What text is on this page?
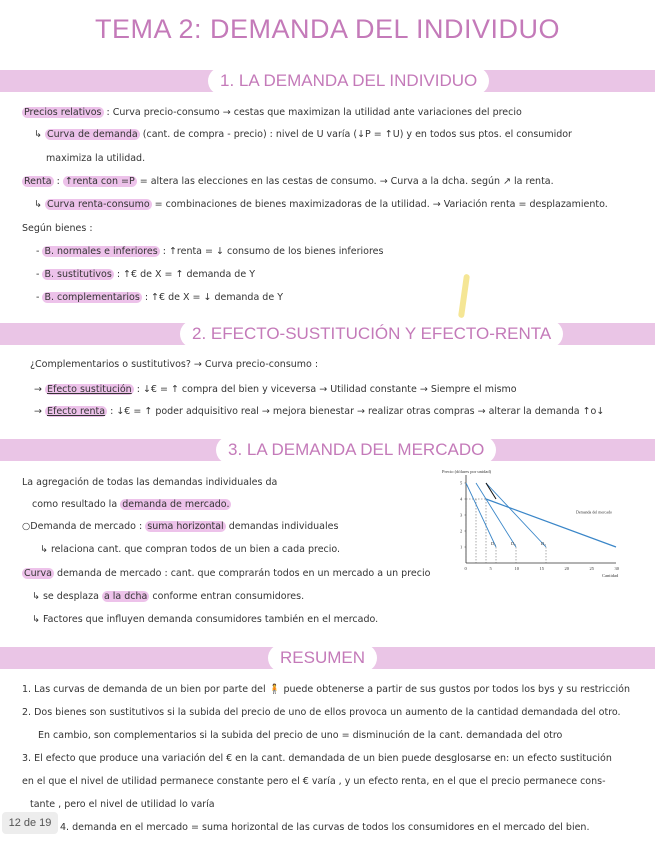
TEMA 2: DEMANDA DEL INDIVIDUO
1. LA DEMANDA DEL INDIVIDUO
Precios relativos : Curva precio-consumo → cestas que maximizan la utilidad ante variaciones del precio
↳ Curva de demanda (cant. de compra - precio) : nivel de U varía (↓P = ↑U) y en todos sus ptos. el consumidor
maximiza la utilidad.
Renta : ↑renta con =P = altera las elecciones en las cestas de consumo. → Curva a la dcha. según ↗ la renta.
↳ Curva renta-consumo = combinaciones de bienes maximizadoras de la utilidad. → Variación renta = desplazamiento.
Según bienes :
- B. normales e inferiores : ↑renta = ↓ consumo de los bienes inferiores
- B. sustitutivos : ↑€ de X = ↑ demanda de Y
- B. complementarios : ↑€ de X = ↓ demanda de Y
2. EFECTO-SUSTITUCIÓN Y EFECTO-RENTA
¿Complementarios o sustitutivos? → Curva precio-consumo :
→ Efecto sustitución : ↓€ = ↑ compra del bien y viceversa → Utilidad constante → Siempre el mismo
→ Efecto renta : ↓€ = ↑ poder adquisitivo real → mejora bienestar → realizar otras compras → alterar la demanda ↑o↓
3. LA DEMANDA DEL MERCADO
La agregación de todas las demandas individuales da
como resultado la demanda de mercado.
○Demanda de mercado : suma horizontal demandas individuales
↳ relaciona cant. que compran todos de un bien a cada precio.
Curva demanda de mercado : cant. que comprarán todos en un mercado a un precio
↳ se desplaza a la dcha conforme entran consumidores.
↳ Factores que influyen demanda consumidores también en el mercado.
Precio (dólares por unidad)
Cantidad
0	5	10	15	20	25	30
1
2
3
4
5
D₁	D₂	D₃
Demanda del mercado
RESUMEN
1. Las curvas de demanda de un bien por parte del 🧍 puede obtenerse a partir de sus gustos por todos los bys y su restricción
2. Dos bienes son sustitutivos si la subida del precio de uno de ellos provoca un aumento de la cantidad demandada del otro.
En cambio, son complementarios si la subida del precio de uno = disminución de la cant. demandada del otro
3. El efecto que produce una variación del € en la cant. demandada de un bien puede desglosarse en: un efecto sustitución
en el que el nivel de utilidad permanece constante pero el € varía , y un efecto renta, en el que el precio permanece cons-
tante , pero el nivel de utilidad lo varía
4. demanda en el mercado = suma horizontal de las curvas de todos los consumidores en el mercado del bien.
12 de 19
